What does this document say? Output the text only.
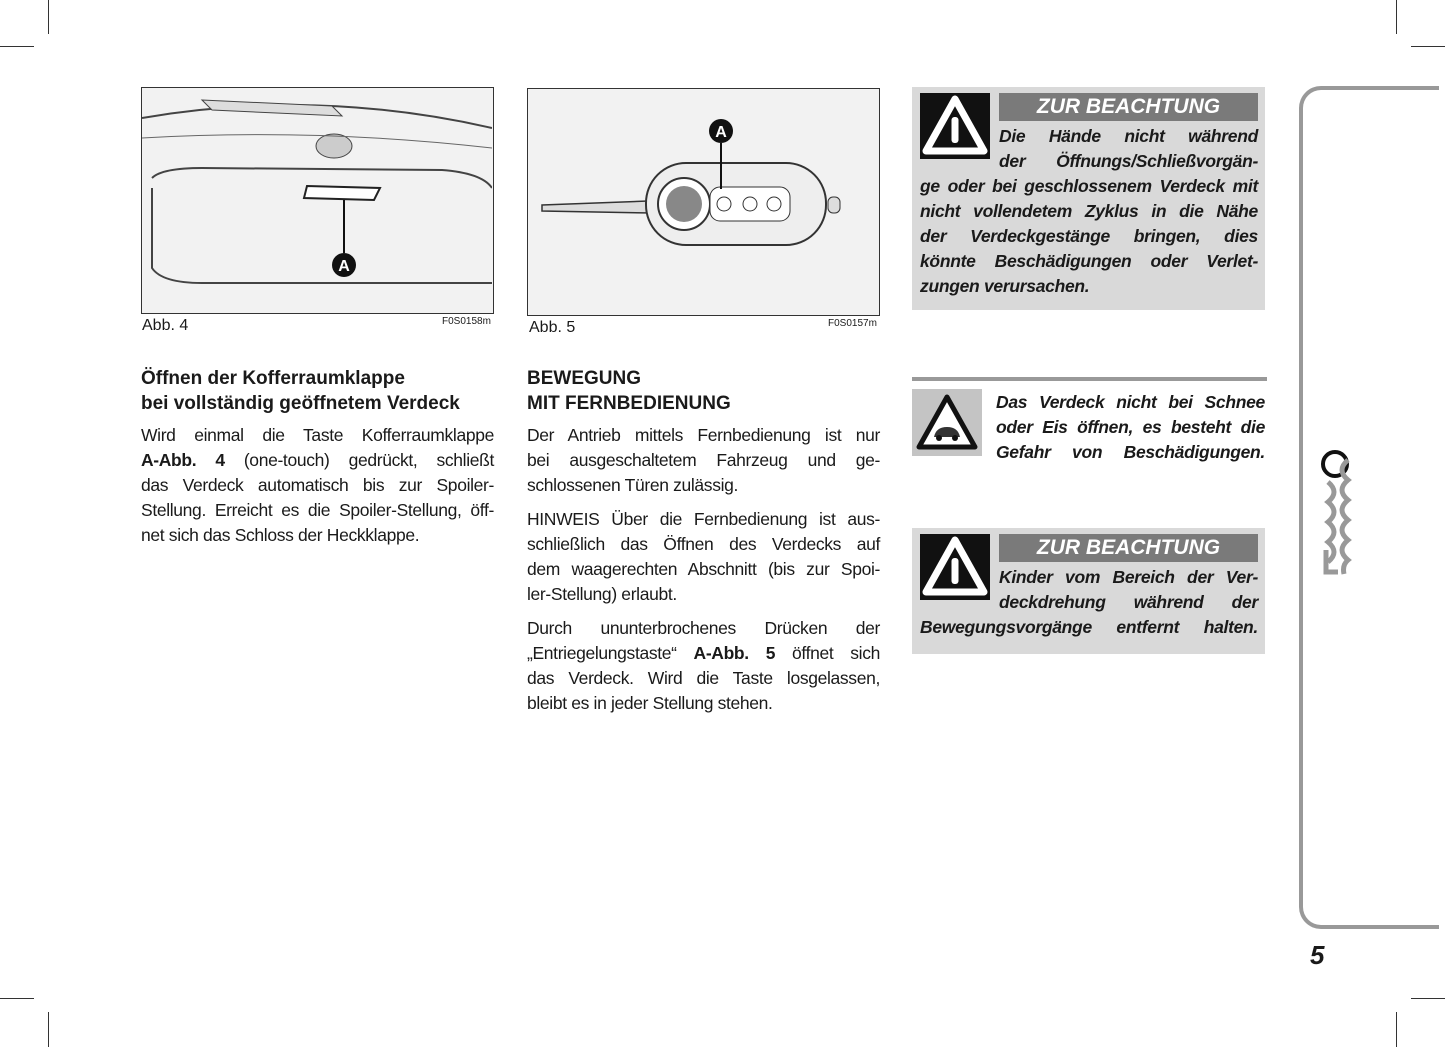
A
Abb. 4	F0S0158m
A
Abb. 5	F0S0157m
Öffnen der Kofferraumklappe
bei vollständig geöffnetem Verdeck
Wird einmal die Taste Kofferraumklappe
A-Abb. 4 (one-touch) gedrückt, schließt
das Verdeck automatisch bis zur Spoiler-
Stellung. Erreicht es die Spoiler-Stellung, öff-
net sich das Schloss der Heckklappe.
BEWEGUNG
MIT FERNBEDIENUNG
Der Antrieb mittels Fernbedienung ist nur
bei ausgeschaltetem Fahrzeug und ge-
schlossenen Türen zulässig.
HINWEIS Über die Fernbedienung ist aus-
schließlich das Öffnen des Verdecks auf
dem waagerechten Abschnitt (bis zur Spoi-
ler-Stellung) erlaubt.
Durch ununterbrochenes Drücken der
„Entriegelungstaste“ A-Abb. 5 öffnet sich
das Verdeck. Wird die Taste losgelassen,
bleibt es in jeder Stellung stehen.
ZUR BEACHTUNG
Die Hände nicht während
der Öffnungs/Schließvorgän-
ge oder bei geschlossenem Verdeck mit
nicht vollendetem Zyklus in die Nähe
der Verdeckgestänge bringen, dies
könnte Beschädigungen oder Verlet-
zungen verursachen.
Das Verdeck nicht bei Schnee
oder Eis öffnen, es besteht die
Gefahr von Beschädigungen.
ZUR BEACHTUNG
Kinder vom Bereich der Ver-
deckdrehung während der
Bewegungsvorgänge entfernt halten.
5
